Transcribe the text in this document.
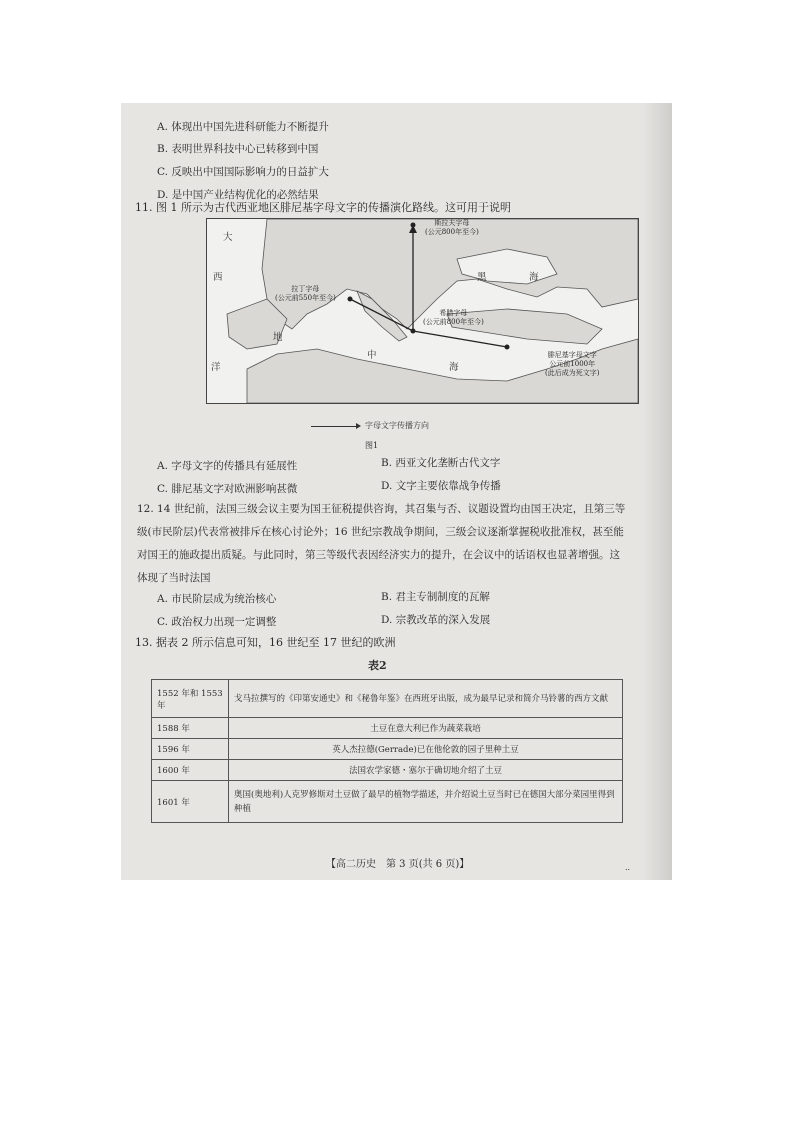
A. 体现出中国先进科研能力不断提升
B. 表明世界科技中心已转移到中国
C. 反映出中国国际影响力的日益扩大
D. 是中国产业结构优化的必然结果
11. 图 1 所示为古代西亚地区腓尼基字母文字的传播演化路线。这可用于说明
大
西
洋
地
中
海
黑	海
斯拉夫字母
(公元800年至今)
拉丁字母
(公元前550年至今)
希腊字母
(公元前800年至今)
腓尼基字母文字
公元前1000年
(此后成为死文字)
字母文字传播方向
图1
A. 字母文字的传播具有延展性	B. 西亚文化垄断古代文字
C. 腓尼基文字对欧洲影响甚微	D. 文字主要依靠战争传播
12. 14 世纪前，法国三级会议主要为国王征税提供咨询，其召集与否、议题设置均由国王决定，且第三等级(市民阶层)代表常被排斥在核心讨论外；16 世纪宗教战争期间，三级会议逐渐掌握税收批准权，甚至能对国王的施政提出质疑。与此同时，第三等级代表因经济实力的提升，在会议中的话语权也显著增强。这体现了当时法国
A. 市民阶层成为统治核心	B. 君主专制制度的瓦解
C. 政治权力出现一定调整	D. 宗教改革的深入发展
13. 据表 2 所示信息可知，16 世纪至 17 世纪的欧洲
表2
1552 年和 1553 年	戈马拉撰写的《印第安通史》和《秘鲁年鉴》在西班牙出版，成为最早记录和简介马铃薯的西方文献
1588 年	土豆在意大利已作为蔬菜栽培
1596 年	英人杰拉德(Gerrade)已在他伦敦的园子里种土豆
1600 年	法国农学家德・塞尔于确切地介绍了土豆
1601 年	奥国(奥地利)人克罗修斯对土豆做了最早的植物学描述，并介绍说土豆当时已在德国大部分菜园里得到种植
【高二历史　第 3 页(共 6 页)】	..
